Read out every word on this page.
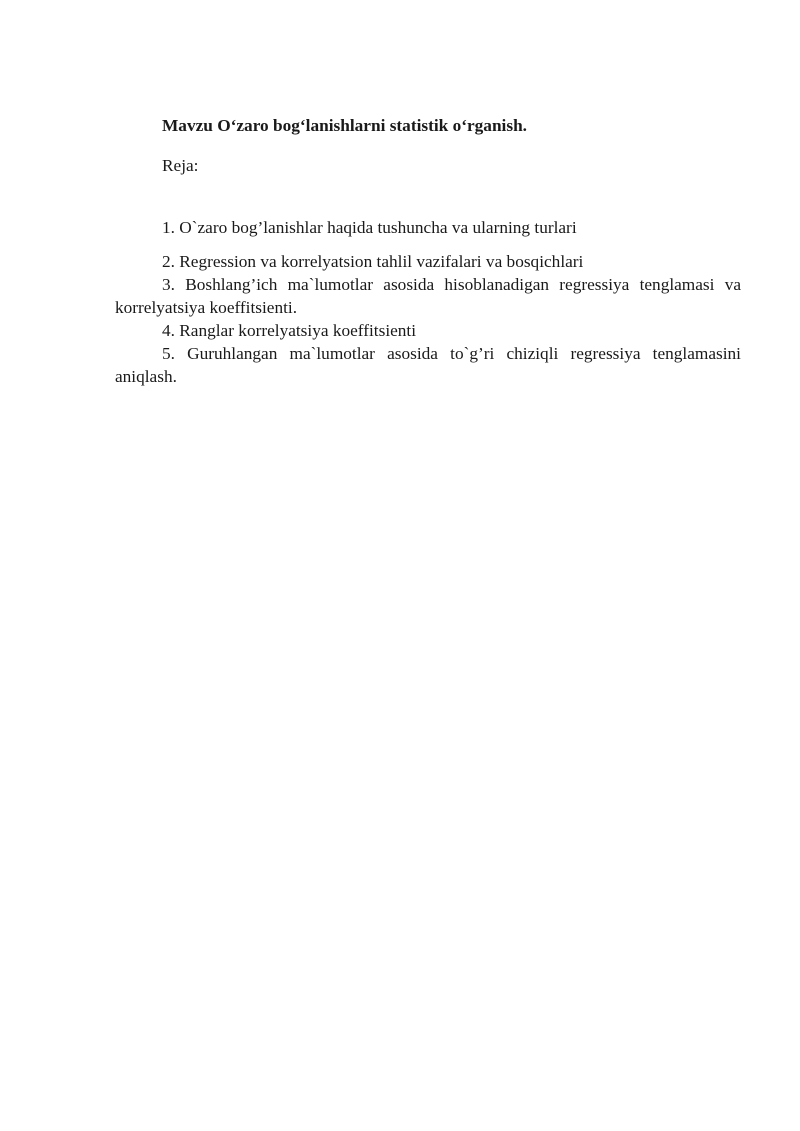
Mavzu O‘zaro bog‘lanishlarni statistik o‘rganish.

Reja:

1. O`zaro bog’lanishlar haqida tushuncha va ularning turlari
2. Regression va korrelyatsion tahlil vazifalari va bosqichlari
3. Boshlang’ich ma`lumotlar asosida hisoblanadigan regressiya tenglamasi va korrelyatsiya koeffitsienti.
4. Ranglar korrelyatsiya koeffitsienti
5. Guruhlangan ma`lumotlar asosida to`g’ri chiziqli regressiya tenglamasini aniqlash.
